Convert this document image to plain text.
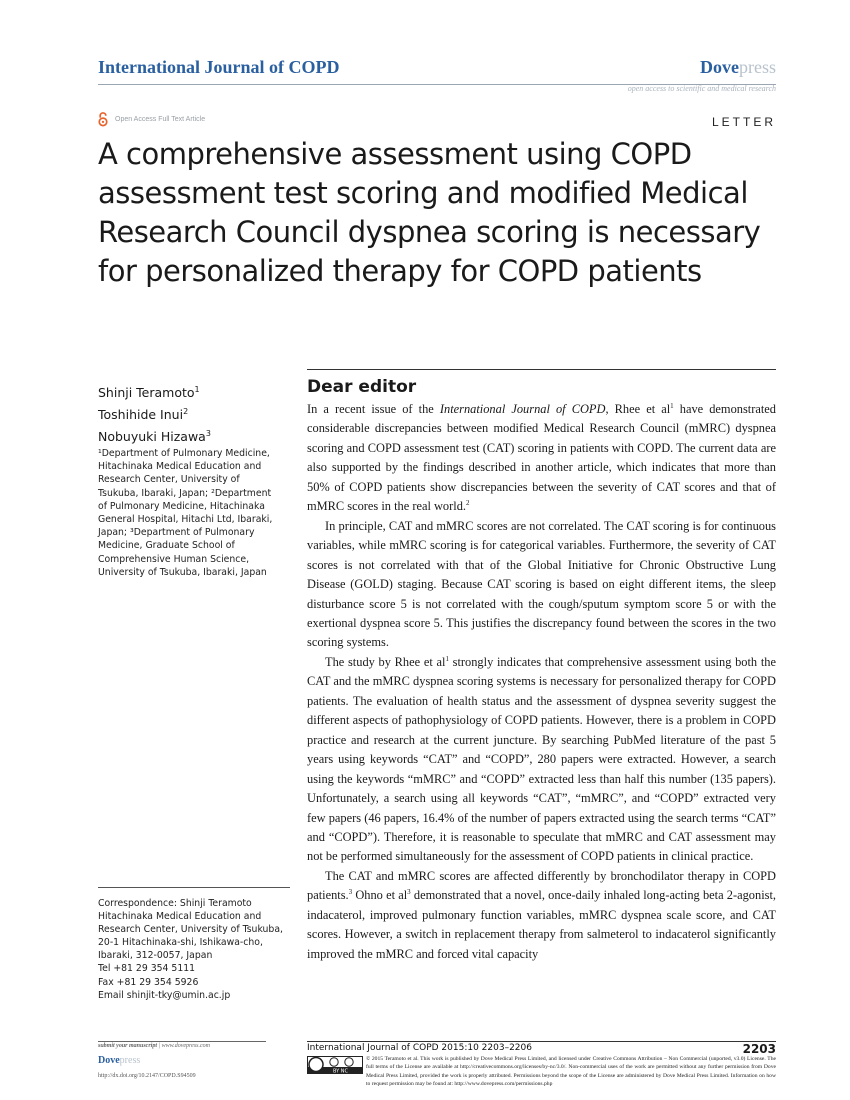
International Journal of COPD	Dovepress
open access to scientific and medical research
Open Access Full Text Article	LETTER
A comprehensive assessment using COPD
assessment test scoring and modified Medical
Research Council dyspnea scoring is necessary
for personalized therapy for COPD patients
Shinji Teramoto$^1$
Toshihide Inui$^2$
Nobuyuki Hizawa$^3$
¹Department of Pulmonary Medicine,
Hitachinaka Medical Education and
Research Center, University of
Tsukuba, Ibaraki, Japan; ²Department
of Pulmonary Medicine, Hitachinaka
General Hospital, Hitachi Ltd, Ibaraki,
Japan; ³Department of Pulmonary
Medicine, Graduate School of
Comprehensive Human Science,
University of Tsukuba, Ibaraki, Japan
Correspondence: Shinji Teramoto
Hitachinaka Medical Education and
Research Center, University of Tsukuba,
20-1 Hitachinaka-shi, Ishikawa-cho,
Ibaraki, 312-0057, Japan
Tel +81 29 354 5111
Fax +81 29 354 5926
Email shinjit-tky@umin.ac.jp
Dear editor

In a recent issue of the International Journal of COPD, Rhee et $al^1$ have demonstrated considerable discrepancies between modified Medical Research Council (mMRC) dyspnea scoring and COPD assessment test (CAT) scoring in patients with COPD. The current data are also supported by the findings described in another article, which indicates that more than 50% of COPD patients show discrepancies between the severity of CAT scores and that of mMRC scores in the real world.$^2$

In principle, CAT and mMRC scores are not correlated. The CAT scoring is for continuous variables, while mMRC scoring is for categorical variables. Furthermore, the severity of CAT scores is not correlated with that of the Global Initiative for Chronic Obstructive Lung Disease (GOLD) staging. Because CAT scoring is based on eight different items, the sleep disturbance score 5 is not correlated with the cough/sputum symptom score 5 or with the exertional dyspnea score 5. This justifies the discrepancy found between the scores in the two scoring systems.

The study by Rhee et $al^1$ strongly indicates that comprehensive assessment using both the CAT and the mMRC dyspnea scoring systems is necessary for personalized therapy for COPD patients. The evaluation of health status and the assessment of dyspnea severity suggest the different aspects of pathophysiology of COPD patients. However, there is a problem in COPD practice and research at the current juncture. By searching PubMed literature of the past 5 years using keywords “CAT” and “COPD”, 280 papers were extracted. However, a search using the keywords “mMRC” and “COPD” extracted less than half this number (135 papers). Unfortunately, a search using all keywords “CAT”, “mMRC”, and “COPD” extracted very few papers (46 papers, 16.4% of the number of papers extracted using the search terms “CAT” and “COPD”). Therefore, it is reasonable to speculate that mMRC and CAT assessment may not be performed simultaneously for the assessment of COPD patients in clinical practice.

The CAT and mMRC scores are affected differently by bronchodilator therapy in COPD patients.$^3$ Ohno et $al^3$ demonstrated that a novel, once-daily inhaled long-acting beta 2-agonist, indacaterol, improved pulmonary function variables, mMRC dyspnea scale score, and CAT scores. However, a switch in replacement therapy from salmeterol to indacaterol significantly improved the mMRC and forced vital capacity

submit your manuscript | www.dovepress.com
Dovepress
http://dx.doi.org/10.2147/COPD.S94509
International Journal of COPD 2015:10 2203–2206	2203
BY NC
© 2015 Teramoto et al. This work is published by Dove Medical Press Limited, and licensed under Creative Commons Attribution – Non Commercial (unported, v3.0) License. The full terms of the License are available at http://creativecommons.org/licenses/by-nc/3.0/. Non-commercial uses of the work are permitted without any further permission from Dove Medical Press Limited, provided the work is properly attributed. Permissions beyond the scope of the License are administered by Dove Medical Press Limited. Information on how to request permission may be found at: http://www.dovepress.com/permissions.php
